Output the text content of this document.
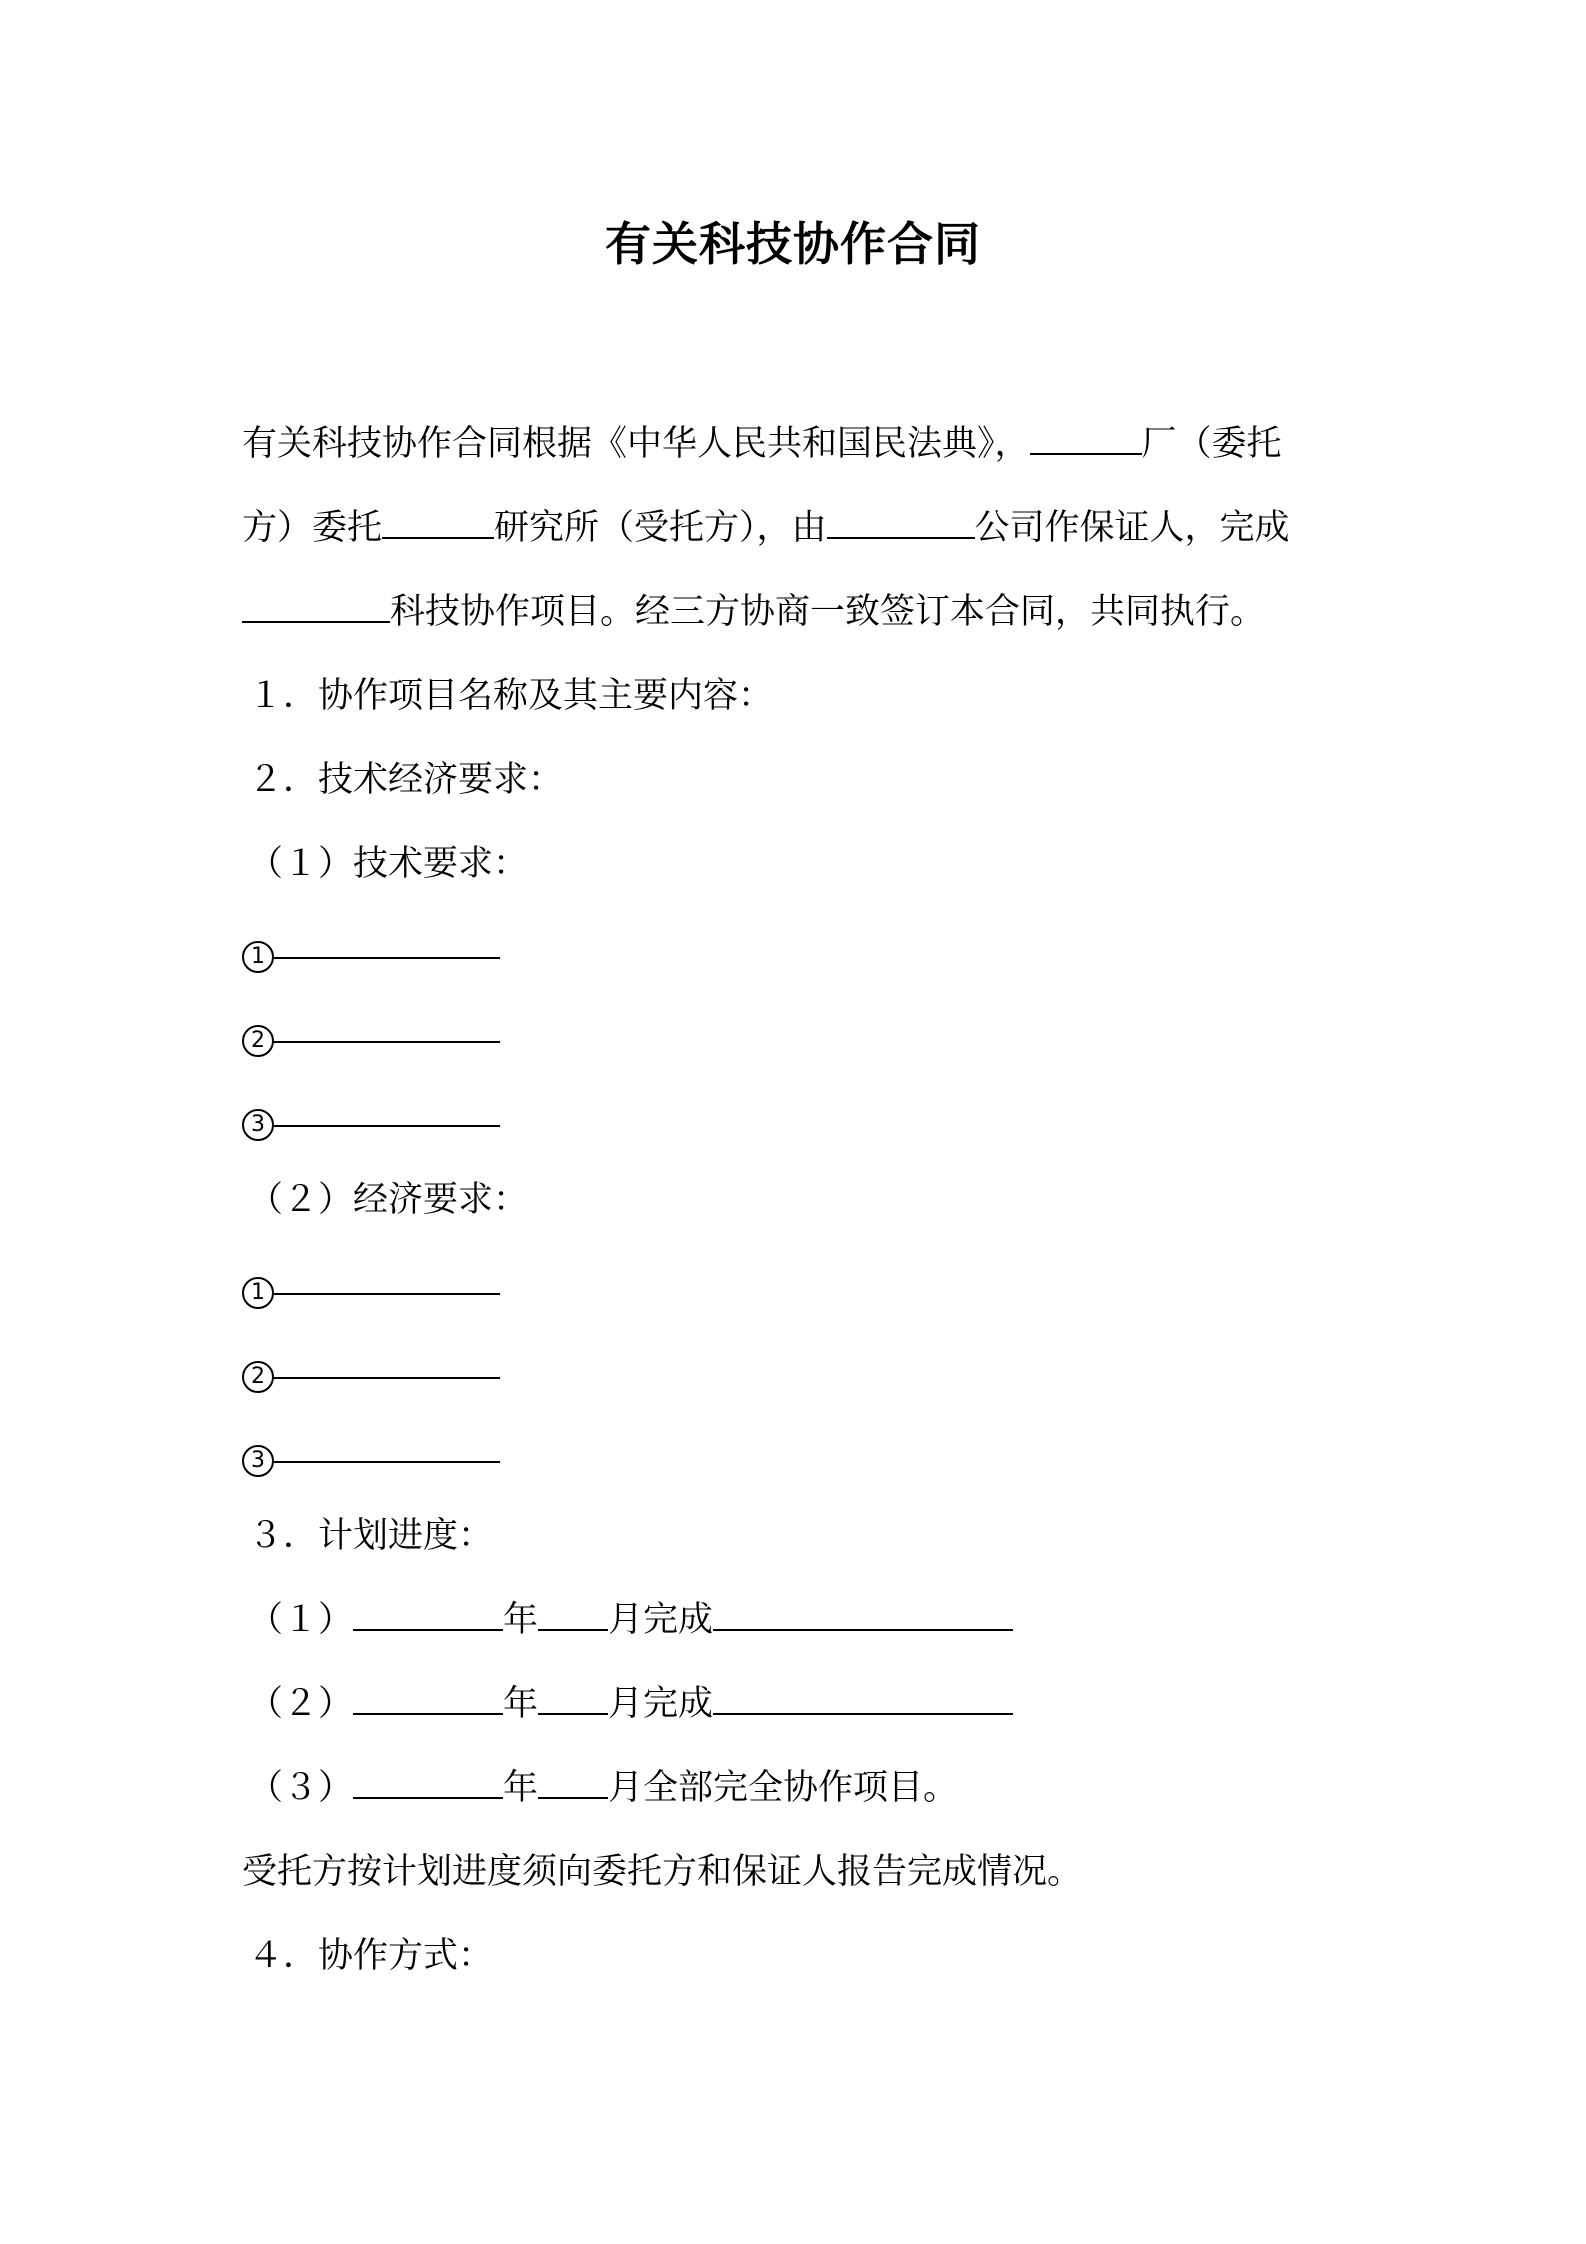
有关科技协作合同
有关科技协作合同根据《中华人民共和国民法典》，	厂（委托
方）委托	研究所（受托方），由	公司作保证人，完成
科技协作项目。经三方协商一致签订本合同，共同执行。
１．协作项目名称及其主要内容：
２．技术经济要求：
（１）技术要求：
1
2
3
（２）经济要求：
1
2
3
３．计划进度：
（１）	年 月完成
（２）	年 月完成
（３）	年 月全部完全协作项目。
受托方按计划进度须向委托方和保证人报告完成情况。
４．协作方式：
